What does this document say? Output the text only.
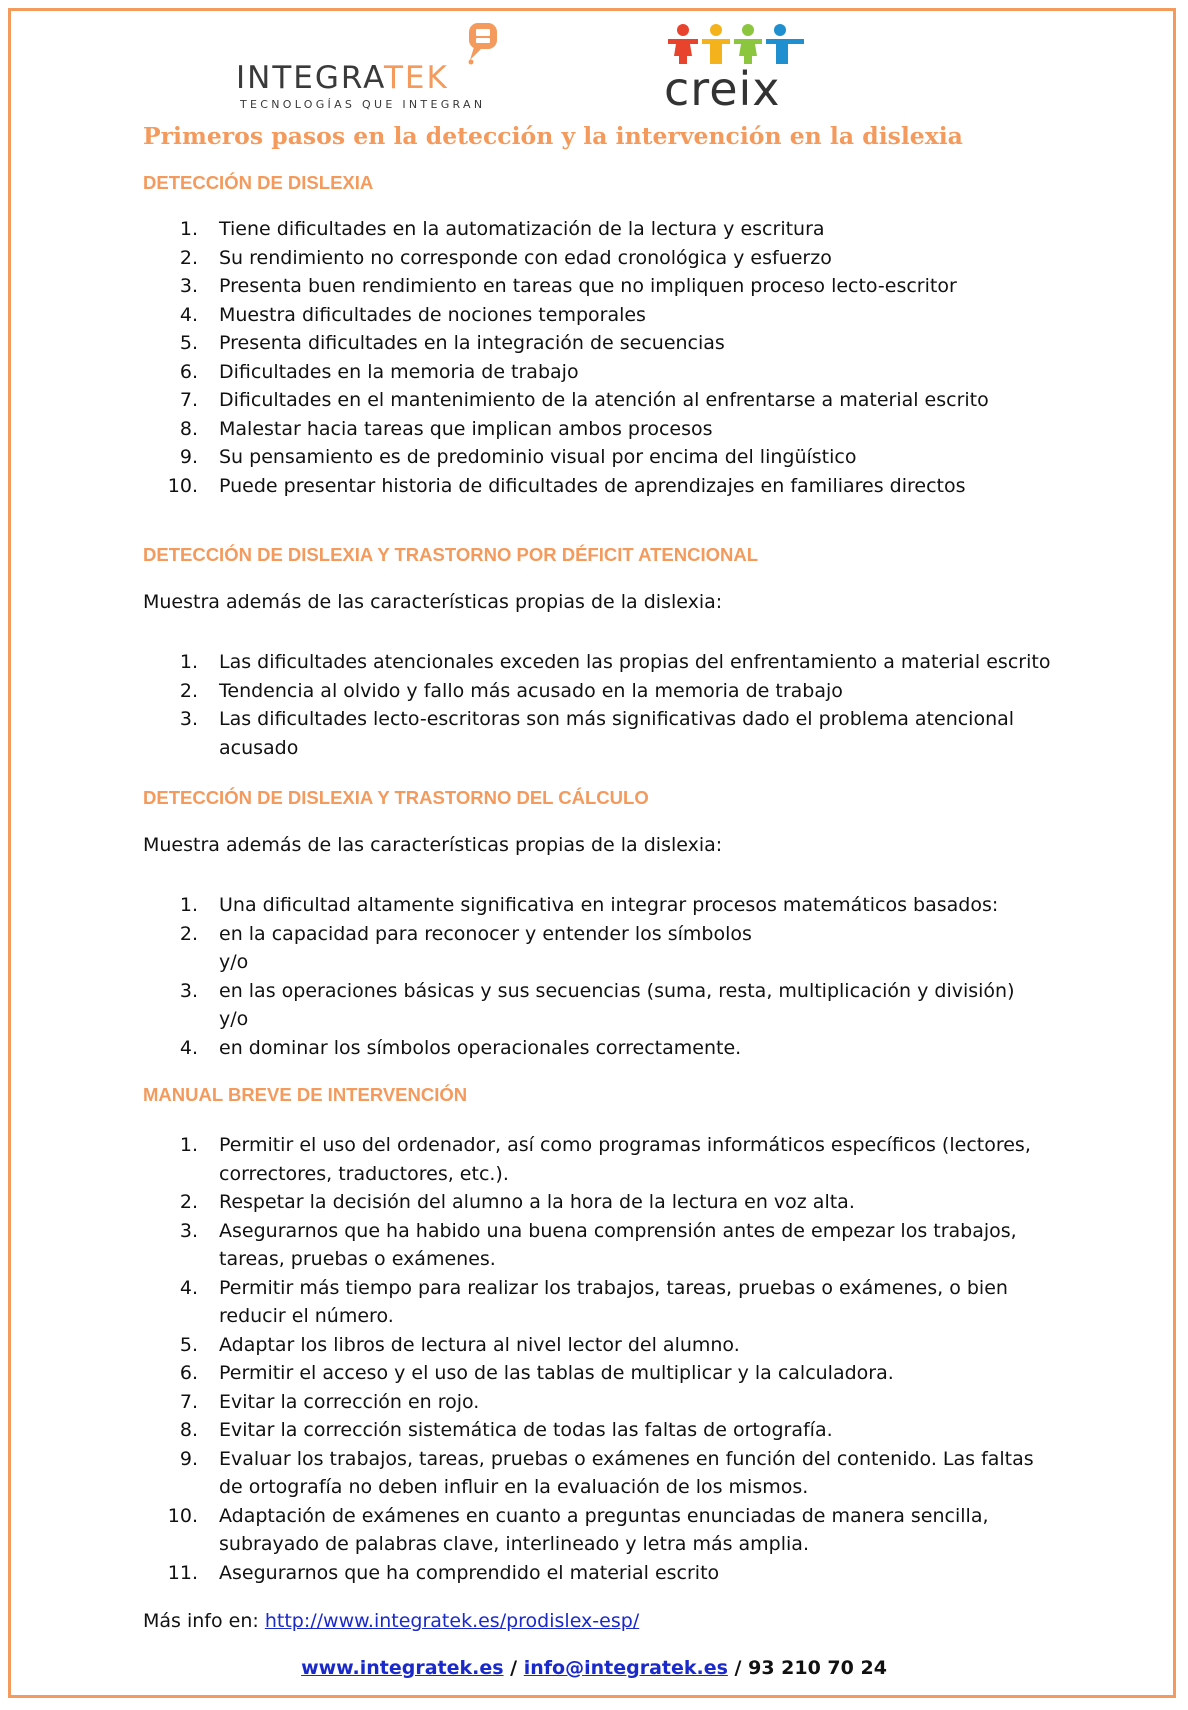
INTEGRATEK
TECNOLOGÍAS QUE INTEGRAN	creix
Primeros pasos en la detección y la intervención en la dislexia
DETECCIÓN DE DISLEXIA
1. Tiene dificultades en la automatización de la lectura y escritura
2. Su rendimiento no corresponde con edad cronológica y esfuerzo
3. Presenta buen rendimiento en tareas que no impliquen proceso lecto-escritor
4. Muestra dificultades de nociones temporales
5. Presenta dificultades en la integración de secuencias
6. Dificultades en la memoria de trabajo
7. Dificultades en el mantenimiento de la atención al enfrentarse a material escrito
8. Malestar hacia tareas que implican ambos procesos
9. Su pensamiento es de predominio visual por encima del lingüístico
10. Puede presentar historia de dificultades de aprendizajes en familiares directos
DETECCIÓN DE DISLEXIA Y TRASTORNO POR DÉFICIT ATENCIONAL

Muestra además de las características propias de la dislexia:

1. Las dificultades atencionales exceden las propias del enfrentamiento a material escrito
2. Tendencia al olvido y fallo más acusado en la memoria de trabajo
3. Las dificultades lecto-escritoras son más significativas dado el problema atencional
acusado
DETECCIÓN DE DISLEXIA Y TRASTORNO DEL CÁLCULO

Muestra además de las características propias de la dislexia:

1. Una dificultad altamente significativa en integrar procesos matemáticos basados:
2. en la capacidad para reconocer y entender los símbolos
y/o
3. en las operaciones básicas y sus secuencias (suma, resta, multiplicación y división)
y/o
4. en dominar los símbolos operacionales correctamente.
MANUAL BREVE DE INTERVENCIÓN
1. Permitir el uso del ordenador, así como programas informáticos específicos (lectores,
correctores, traductores, etc.).
2. Respetar la decisión del alumno a la hora de la lectura en voz alta.
3. Asegurarnos que ha habido una buena comprensión antes de empezar los trabajos,
tareas, pruebas o exámenes.
4. Permitir más tiempo para realizar los trabajos, tareas, pruebas o exámenes, o bien
reducir el número.
5. Adaptar los libros de lectura al nivel lector del alumno.
6. Permitir el acceso y el uso de las tablas de multiplicar y la calculadora.
7. Evitar la corrección en rojo.
8. Evitar la corrección sistemática de todas las faltas de ortografía.
9. Evaluar los trabajos, tareas, pruebas o exámenes en función del contenido. Las faltas
de ortografía no deben influir en la evaluación de los mismos.
10. Adaptación de exámenes en cuanto a preguntas enunciadas de manera sencilla,
subrayado de palabras clave, interlineado y letra más amplia.
11. Asegurarnos que ha comprendido el material escrito

Más info en: http://www.integratek.es/prodislex-esp/

www.integratek.es / info@integratek.es / 93 210 70 24
